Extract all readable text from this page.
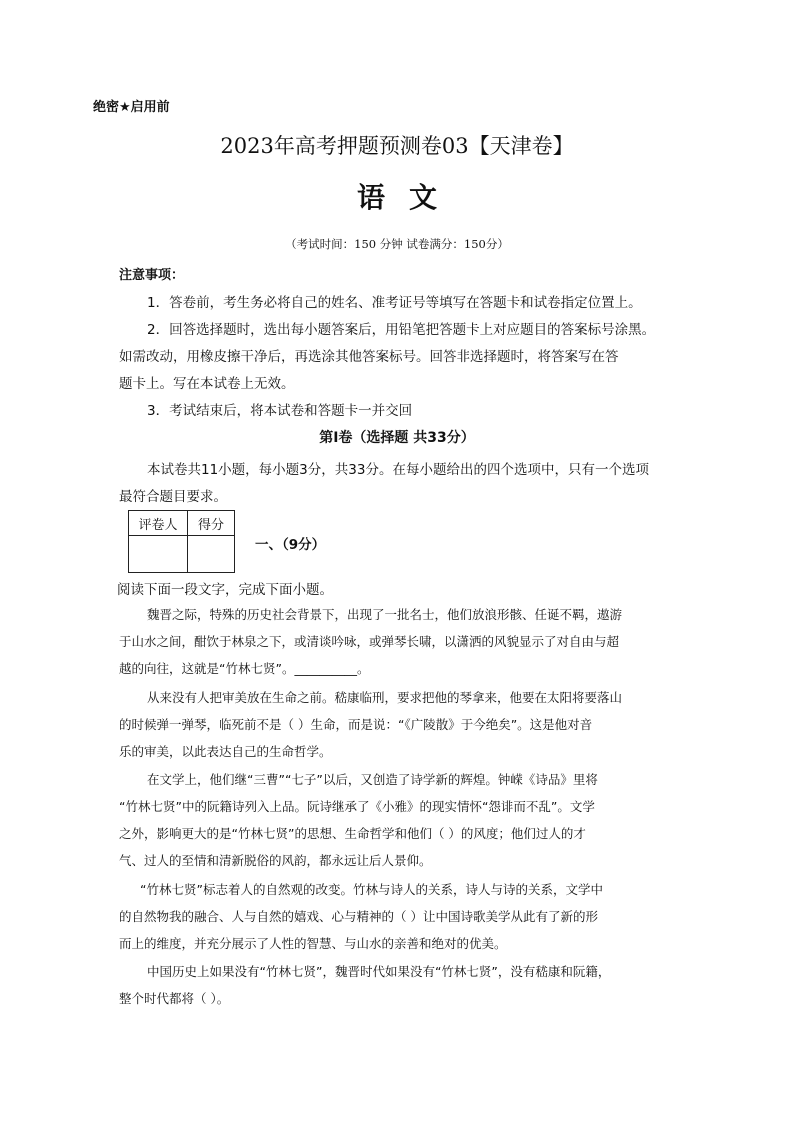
绝密★启用前
2023年高考押题预测卷03【天津卷】
语文
（考试时间：150 分钟 试卷满分：150分）
注意事项：
1．答卷前，考生务必将自己的姓名、准考证号等填写在答题卡和试卷指定位置上。
2．回答选择题时，选出每小题答案后，用铅笔把答题卡上对应题目的答案标号涂黑。
如需改动，用橡皮擦干净后，再选涂其他答案标号。回答非选择题时，将答案写在答
题卡上。写在本试卷上无效。
3．考试结束后，将本试卷和答题卡一并交回
第Ⅰ卷（选择题 共33分）
本试卷共11小题，每小题3分，共33分。在每小题给出的四个选项中，只有一个选项
最符合题目要求。
评卷人	得分

一、（9分）
阅读下面一段文字，完成下面小题。
魏晋之际，特殊的历史社会背景下，出现了一批名士，他们放浪形骸、任诞不羁，遨游
于山水之间，酣饮于林泉之下，或清谈吟咏，或弹琴长啸，以潇洒的风貌显示了对自由与超
越的向往，这就是“竹林七贤”。__________。
从来没有人把审美放在生命之前。嵇康临刑，要求把他的琴拿来，他要在太阳将要落山
的时候弹一弹琴，临死前不是（ ）生命，而是说：“《广陵散》于今绝矣”。这是他对音
乐的审美，以此表达自己的生命哲学。
在文学上，他们继“三曹”“七子”以后，又创造了诗学新的辉煌。钟嵘《诗品》里将
“竹林七贤”中的阮籍诗列入上品。阮诗继承了《小雅》的现实情怀“怨诽而不乱”。文学
之外，影响更大的是“竹林七贤”的思想、生命哲学和他们（ ）的风度；他们过人的才
气、过人的至情和清新脱俗的风韵，都永远让后人景仰。
“竹林七贤”标志着人的自然观的改变。竹林与诗人的关系，诗人与诗的关系，文学中
的自然物我的融合、人与自然的嬉戏、心与精神的（ ）让中国诗歌美学从此有了新的形
而上的维度，并充分展示了人性的智慧、与山水的亲善和绝对的优美。
中国历史上如果没有“竹林七贤”，魏晋时代如果没有“竹林七贤”，没有嵇康和阮籍，
整个时代都将（ ）。
